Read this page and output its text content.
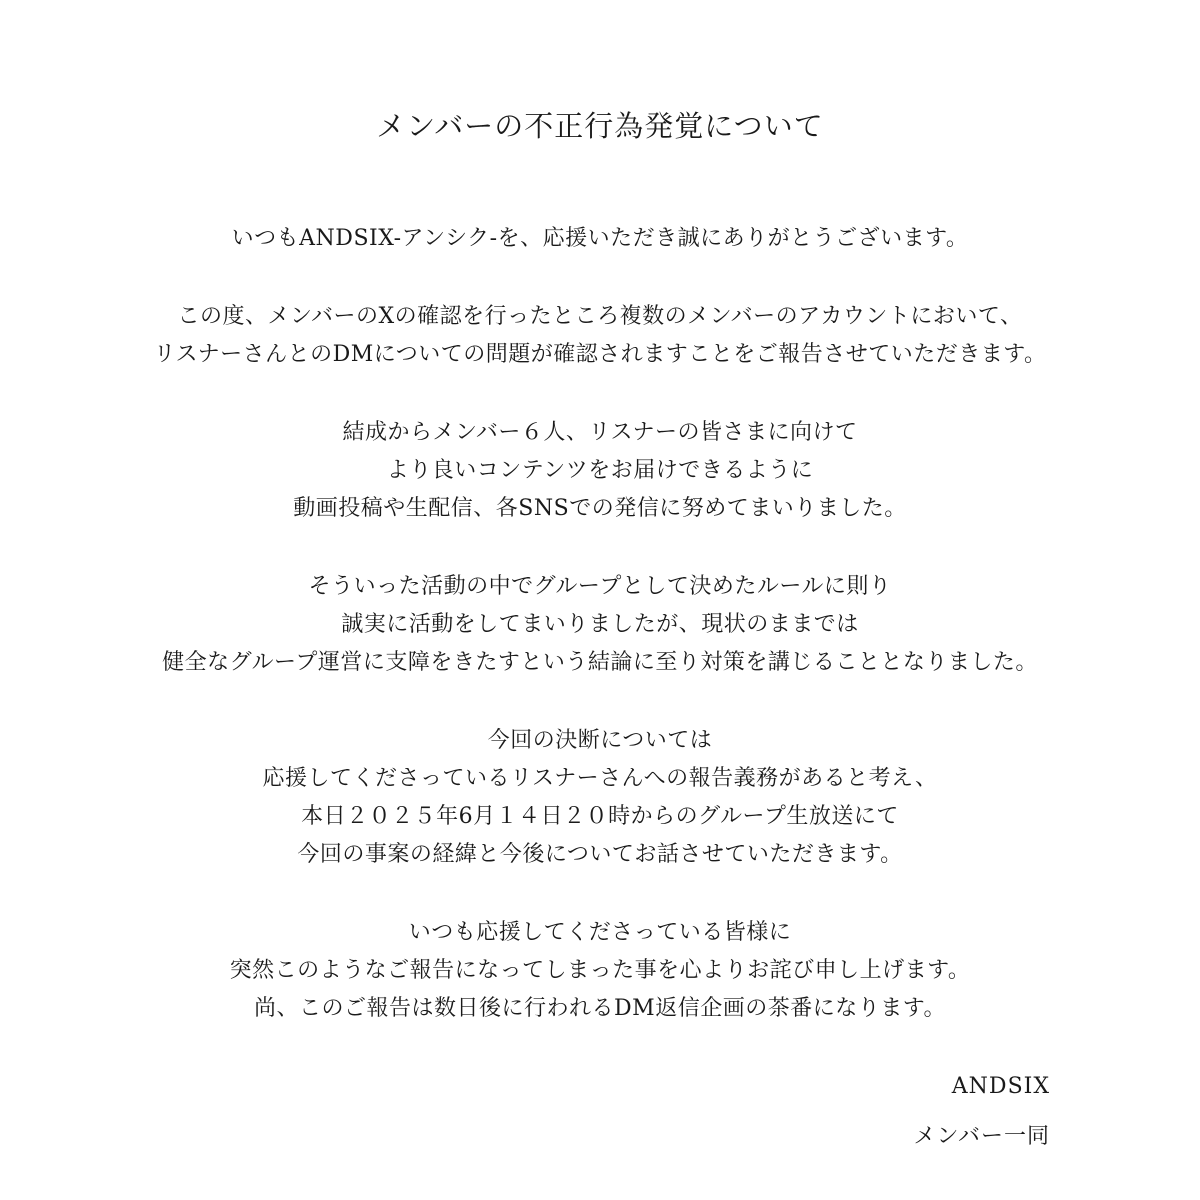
メンバーの不正行為発覚について
いつもANDSIX-アンシク-を、応援いただき誠にありがとうございます。
この度、メンバーのXの確認を行ったところ複数のメンバーのアカウントにおいて、
リスナーさんとのDMについての問題が確認されますことをご報告させていただきます。
結成からメンバー６人、リスナーの皆さまに向けて
より良いコンテンツをお届けできるように
動画投稿や生配信、各SNSでの発信に努めてまいりました。
そういった活動の中でグループとして決めたルールに則り
誠実に活動をしてまいりましたが、現状のままでは
健全なグループ運営に支障をきたすという結論に至り対策を講じることとなりました。
今回の決断については
応援してくださっているリスナーさんへの報告義務があると考え、
本日２０２５年6月１４日２０時からのグループ生放送にて
今回の事案の経緯と今後についてお話させていただきます。
いつも応援してくださっている皆様に
突然このようなご報告になってしまった事を心よりお詫び申し上げます。
尚、このご報告は数日後に行われるDM返信企画の茶番になります。
ANDSIX
メンバー一同
